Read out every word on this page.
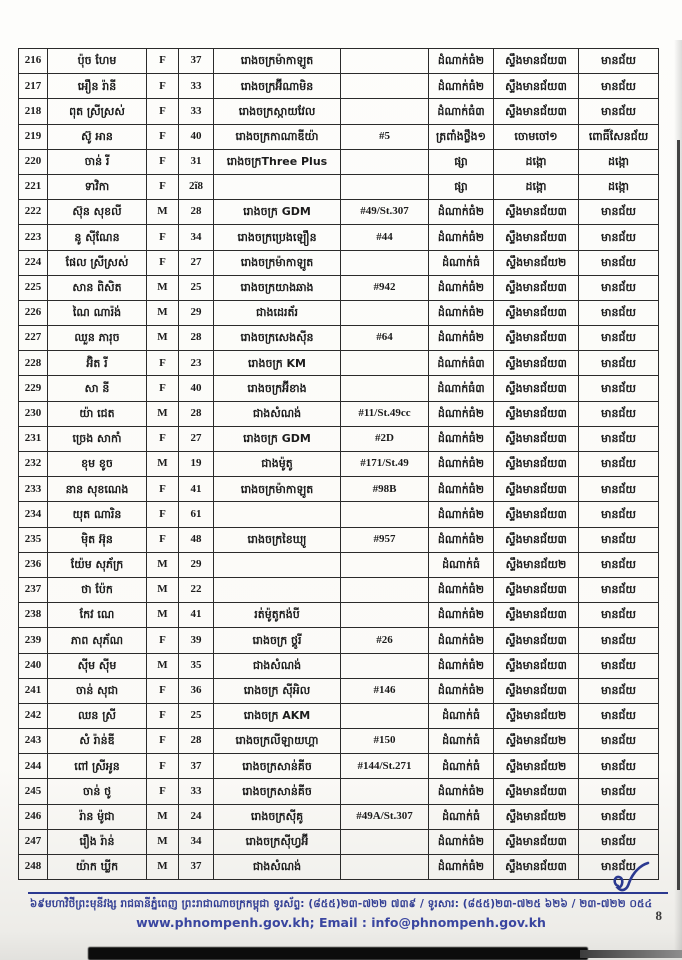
216	ប៉ុច ហែម	F	37	រោងចក្រម៉ាកាឡូត		ដំណាក់ធំ២	ស្ទឹងមានជ័យ៣	មានជ័យ
217	អឿន រ៉ានី	F	33	រោងចក្រអ៊ីណាមិន		ដំណាក់ធំ២	ស្ទឹងមានជ័យ៣	មានជ័យ
218	ពុត ស្រីស្រស់	F	33	រោងចក្រស្កាយវែល		ដំណាក់ធំ៣	ស្ទឹងមានជ័យ៣	មានជ័យ
219	ស៊ូ អាន	F	40	រោងចក្រកាណាឌីយ៉ា	#5	ត្រពាំងថ្លឹង១	ចោមចៅ១	ពោធិ៍សែនជ័យ
220	ចាន់ រី	F	31	រោងចក្រThree Plus		ផ្សា	ដង្កោ	ដង្កោ
221	ទាវិកា	F	2ĩ8			ផ្សា	ដង្កោ	ដង្កោ
222	ស៊ុន សុខលី	M	28	រោងចក្រ GDM	#49/St.307	ដំណាក់ធំ២	ស្ទឹងមានជ័យ៣	មានជ័យ
223	នូ ស៊ីណែន	F	34	រោងចក្រប្រេងឡឿន	#44	ដំណាក់ធំ២	ស្ទឹងមានជ័យ៣	មានជ័យ
224	ផែល ស្រីស្រស់	F	27	រោងចក្រម៉ាកាឡូត		ដំណាក់ធំ	ស្ទឹងមានជ័យ២	មានជ័យ
225	សាន ពិសិត	M	25	រោងចក្រយាងឆាង	#942	ដំណាក់ធំ២	ស្ទឹងមានជ័យ៣	មានជ័យ
226	ណៃ ណារ៉ង់	M	29	ជាងដេរត័រ		ដំណាក់ធំ២	ស្ទឹងមានជ័យ៣	មានជ័យ
227	ឈួន ភារុច	M	28	រោងចក្រសេងស៊ីន	#64	ដំណាក់ធំ២	ស្ទឹងមានជ័យ៣	មានជ័យ
228	អ៊ិត រី	F	23	រោងចក្រ KM		ដំណាក់ធំ៣	ស្ទឹងមានជ័យ៣	មានជ័យ
229	សា នី	F	40	រោងចក្រអ៊ីខាង		ដំណាក់ធំ៣	ស្ទឹងមានជ័យ៣	មានជ័យ
230	យ៉ា ជេត	M	28	ជាងសំណង់	#11/St.49cc	ដំណាក់ធំ២	ស្ទឹងមានជ័យ៣	មានជ័យ
231	ច្រេង សាកាំ	F	27	រោងចក្រ GDM	#2D	ដំណាក់ធំ២	ស្ទឹងមានជ័យ៣	មានជ័យ
232	ខុម ខូច	M	19	ជាងម៉ូតូ	#171/St.49	ដំណាក់ធំ២	ស្ទឹងមានជ័យ៣	មានជ័យ
233	នាន សុខណេង	F	41	រោងចក្រម៉ាកាឡូត	#98B	ដំណាក់ធំ២	ស្ទឹងមានជ័យ៣	មានជ័យ
234	យុត ណារិន	F	61			ដំណាក់ធំ២	ស្ទឹងមានជ័យ៣	មានជ័យ
235	ម៉ិត អ៊ុន	F	48	រោងចក្រខៃឃ្យូ	#957	ដំណាក់ធំ២	ស្ទឹងមានជ័យ៣	មានជ័យ
236	យ៉ែម សុភ័ក្រ	M	29			ដំណាក់ធំ	ស្ទឹងមានជ័យ២	មានជ័យ
237	ថា ប៉ែក	M	22			ដំណាក់ធំ២	ស្ទឹងមានជ័យ៣	មានជ័យ
238	កែវ ណេ	M	41	រត់ម៉ូតូកង់បី		ដំណាក់ធំ២	ស្ទឹងមានជ័យ៣	មានជ័យ
239	ភាព សុភ័ណ	F	39	រោងចក្រ ថ្គូរី	#26	ដំណាក់ធំ២	ស្ទឹងមានជ័យ៣	មានជ័យ
240	ស៊ីម ស៊ីម	M	35	ជាងសំណង់		ដំណាក់ធំ២	ស្ទឹងមានជ័យ៣	មានជ័យ
241	ចាន់ សុជា	F	36	រោងចក្រ ស៊ីអិល	#146	ដំណាក់ធំ២	ស្ទឹងមានជ័យ៣	មានជ័យ
242	ឈន ស្រី	F	25	រោងចក្រ AKM		ដំណាក់ធំ	ស្ទឹងមានជ័យ២	មានជ័យ
243	សំ រ៉ាន់ឌី	F	28	រោងចក្រលីឡាយហ្គា	#150	ដំណាក់ធំ	ស្ទឹងមានជ័យ២	មានជ័យ
244	ពៅ ស្រីអូន	F	37	រោងចក្រសាន់គីច	#144/St.271	ដំណាក់ធំ	ស្ទឹងមានជ័យ២	មានជ័យ
245	ចាន់ ថូ	F	33	រោងចក្រសាន់គីច		ដំណាក់ធំ២	ស្ទឹងមានជ័យ៣	មានជ័យ
246	រ៉ាន ម៉ូជា	M	24	រោងចក្រស៊ីគូ	#49A/St.307	ដំណាក់ធំ	ស្ទឹងមានជ័យ២	មានជ័យ
247	រឿង រ៉ាន់	M	34	រោងចក្រស៊ីហ្វអ៊ី		ដំណាក់ធំ២	ស្ទឹងមានជ័យ៣	មានជ័យ
248	យ៉ាក ឃ្លីក	M	37	ជាងសំណង់		ដំណាក់ធំ២	ស្ទឹងមានជ័យ៣	មានជ័យ
៦៩មហាវិថីព្រះមុនីវង្ស រាជធានីភ្នំពេញ ព្រះរាជាណាចក្រកម្ពុជា ទូរស័ព្ទ: (៨៥៥)២៣-៧២២ ៧៣៩ / ទូរសារ: (៨៥៥)២៣-៧២៥ ៦២៦ / ២៣-៧២២ ០៥៤
www.phnompenh.gov.kh; Email : info@phnompenh.gov.kh	8
